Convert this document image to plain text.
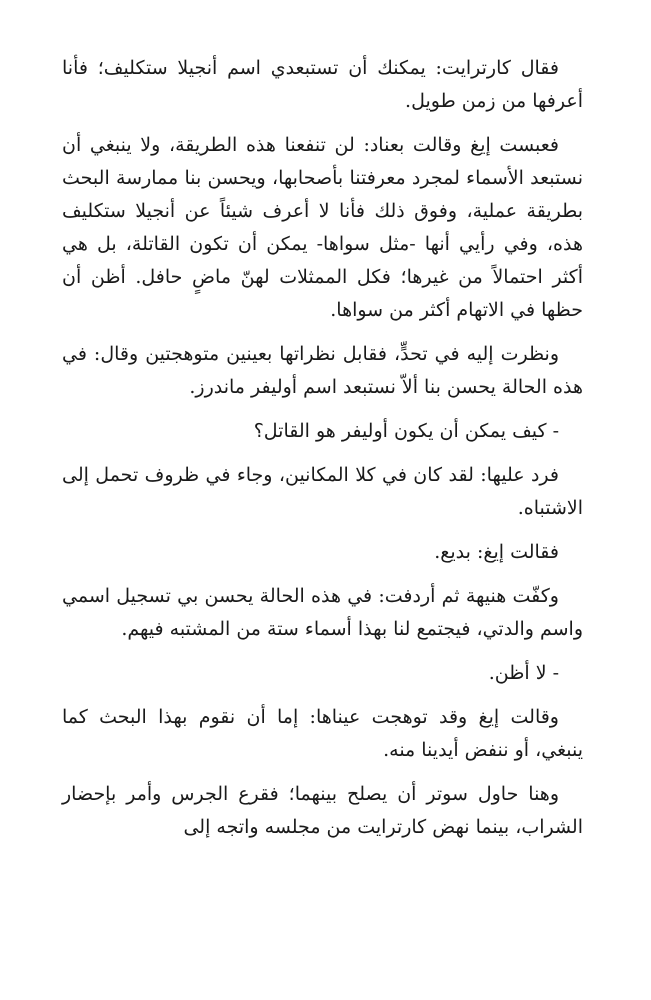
فقال كارترايت: يمكنك أن تستبعدي اسم أنجيلا ستكليف؛ فأنا أعرفها من زمن طويل.

فعبست إيغ وقالت بعناد: لن تنفعنا هذه الطريقة، ولا ينبغي أن نستبعد الأسماء لمجرد معرفتنا بأصحابها، ويحسن بنا ممارسة البحث بطريقة عملية، وفوق ذلك فأنا لا أعرف شيئاً عن أنجيلا ستكليف هذه، وفي رأيي أنها -مثل سواها- يمكن أن تكون القاتلة، بل هي أكثر احتمالاً من غيرها؛ فكل الممثلات لهنّ ماضٍ حافل. أظن أن حظها في الاتهام أكثر من سواها.

ونظرت إليه في تحدٍّ، فقابل نظراتها بعينين متوهجتين وقال: في هذه الحالة يحسن بنا ألاّ نستبعد اسم أوليفر ماندرز.

- كيف يمكن أن يكون أوليفر هو القاتل؟

فرد عليها: لقد كان في كلا المكانين، وجاء في ظروف تحمل إلى الاشتباه.

فقالت إيغ: بديع.

وكفّت هنيهة ثم أردفت: في هذه الحالة يحسن بي تسجيل اسمي واسم والدتي، فيجتمع لنا بهذا أسماء ستة من المشتبه فيهم.

- لا أظن.

وقالت إيغ وقد توهجت عيناها: إما أن نقوم بهذا البحث كما ينبغي، أو ننفض أيدينا منه.

وهنا حاول سوتر أن يصلح بينهما؛ فقرع الجرس وأمر بإحضار الشراب، بينما نهض كارترايت من مجلسه واتجه إلى
